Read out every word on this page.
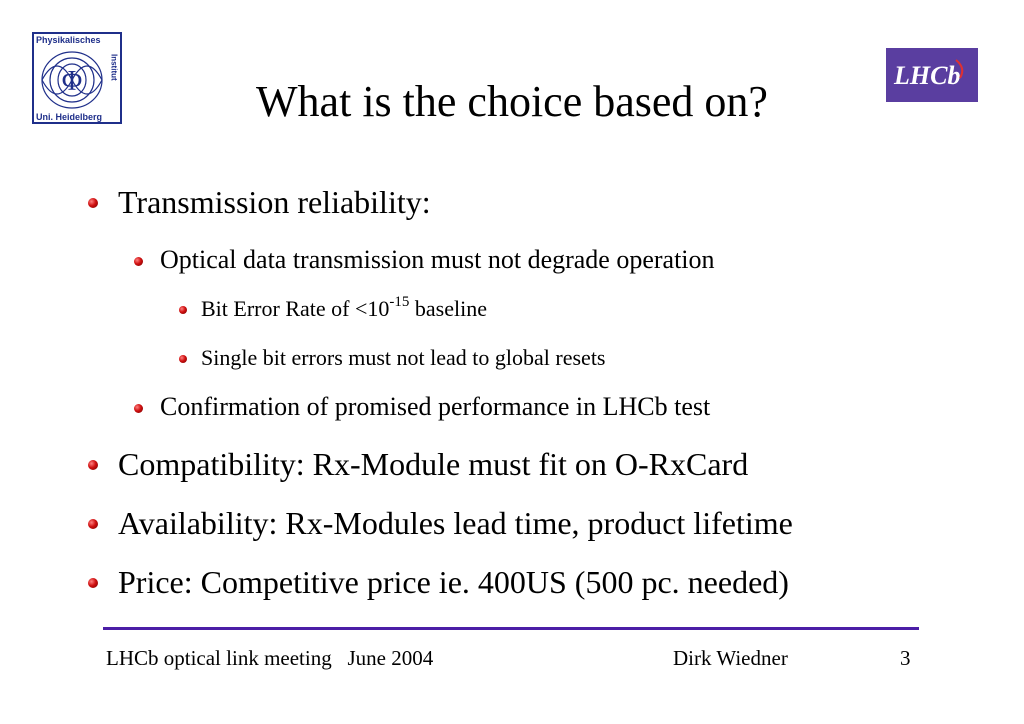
Physikalisches
Uni. Heidelberg
Institut
Φ	LHCb
What is the choice based on?
Transmission reliability:
Optical data transmission must not degrade operation
Bit Error Rate of $<10^{-15}$ baseline
Single bit errors must not lead to global resets
Confirmation of promised performance in LHCb test
Compatibility: Rx-Module must fit on O-RxCard
Availability: Rx-Modules lead time, product lifetime
Price: Competitive price ie. 400US (500 pc. needed)
LHCb optical link meeting   June 2004	Dirk Wiedner	3
